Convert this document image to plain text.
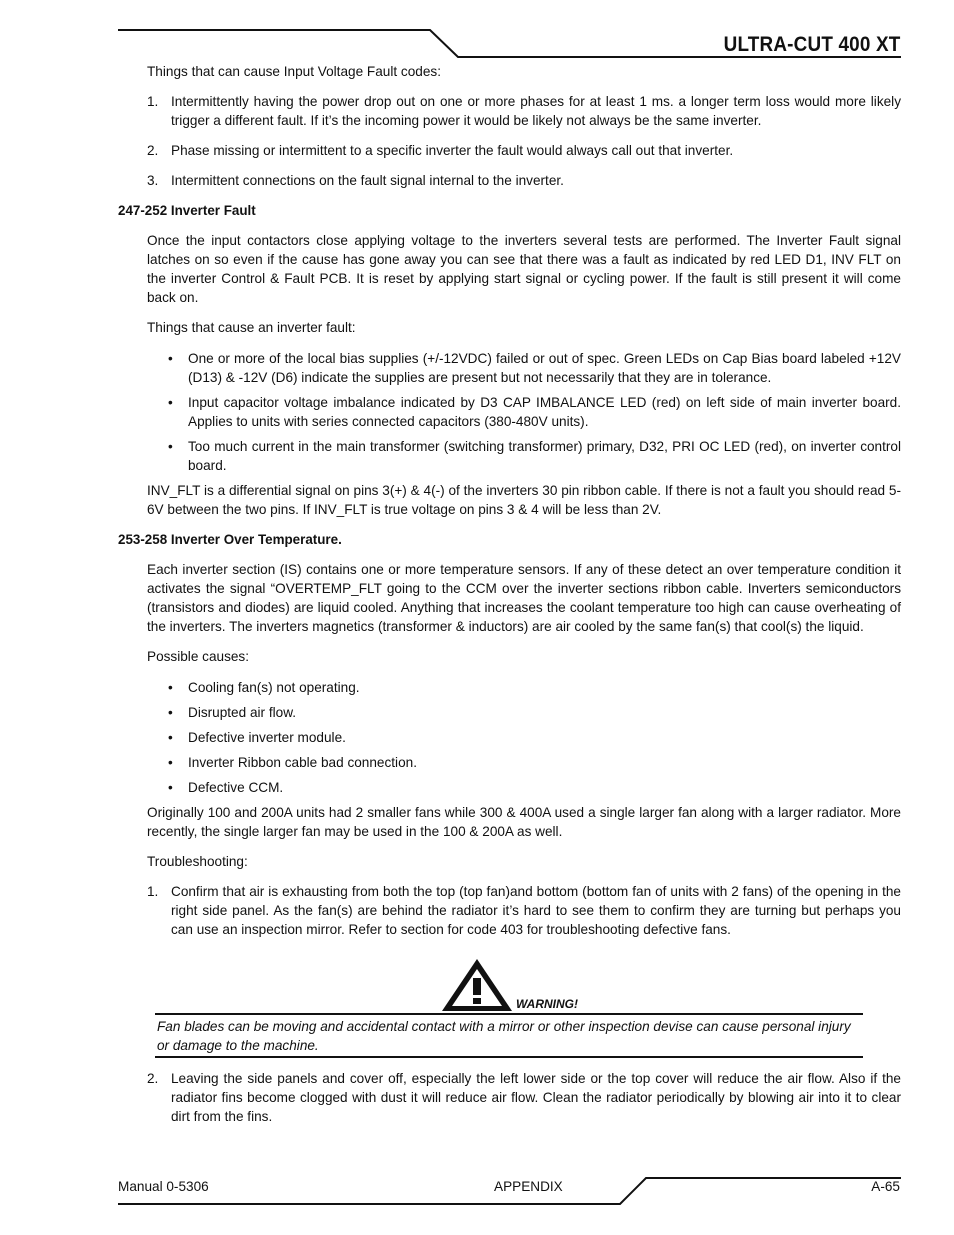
ULTRA-CUT 400 XT

Things that can cause Input Voltage Fault codes:

1. Intermittently having the power drop out on one or more phases for at least 1 ms. a longer term loss would more likely trigger a different fault. If it’s the incoming power it would be likely not always be the same inverter.
2. Phase missing or intermittent to a specific inverter the fault would always call out that inverter.
3. Intermittent connections on the fault signal internal to the inverter.

247-252 Inverter Fault

Once the input contactors close applying voltage to the inverters several tests are performed. The Inverter Fault signal latches on so even if the cause has gone away you can see that there was a fault as indicated by red LED D1, INV FLT on the inverter Control & Fault PCB. It is reset by applying start signal or cycling power. If the fault is still present it will come back on.

Things that cause an inverter fault:

•	One or more of the local bias supplies (+/-12VDC) failed or out of spec. Green LEDs on Cap Bias board labeled +12V (D13) & -12V (D6) indicate the supplies are present but not necessarily that they are in tolerance.
•	Input capacitor voltage imbalance indicated by D3 CAP IMBALANCE LED (red) on left side of main inverter board. Applies to units with series connected capacitors (380-480V units).
•	Too much current in the main transformer (switching transformer) primary, D32, PRI OC LED (red), on inverter control board.

INV_FLT is a differential signal on pins 3(+) & 4(-) of the inverters 30 pin ribbon cable. If there is not a fault you should read 5-6V between the two pins. If INV_FLT is true voltage on pins 3 & 4 will be less than 2V.

253-258 Inverter Over Temperature.

Each inverter section (IS) contains one or more temperature sensors. If any of these detect an over temperature condition it activates the signal “OVERTEMP_FLT going to the CCM over the inverter sections ribbon cable. Inverters semiconductors (transistors and diodes) are liquid cooled. Anything that increases the coolant temperature too high can cause overheating of the inverters. The inverters magnetics (transformer & inductors) are air cooled by the same fan(s) that cool(s) the liquid.

Possible causes:

•	Cooling fan(s) not operating.
•	Disrupted air flow.
•	Defective inverter module.
•	Inverter Ribbon cable bad connection.
•	Defective CCM.

Originally 100 and 200A units had 2 smaller fans while 300 & 400A used a single larger fan along with a larger radiator. More recently, the single larger fan may be used in the 100 & 200A as well.

Troubleshooting:

1. Confirm that air is exhausting from both the top (top fan)and bottom (bottom fan of units with 2 fans) of the opening in the right side panel. As the fan(s) are behind the radiator it’s hard to see them to confirm they are turning but perhaps you can use an inspection mirror. Refer to section for code 403 for troubleshooting defective fans.
WARNING!
Fan blades can be moving and accidental contact with a mirror or other inspection devise can cause personal injury or damage to the machine.
2. Leaving the side panels and cover off, especially the left lower side or the top cover will reduce the air flow. Also if the radiator fins become clogged with dust it will reduce air flow. Clean the radiator periodically by blowing air into it to clear dirt from the fins.
Manual 0-5306	APPENDIX	A-65
